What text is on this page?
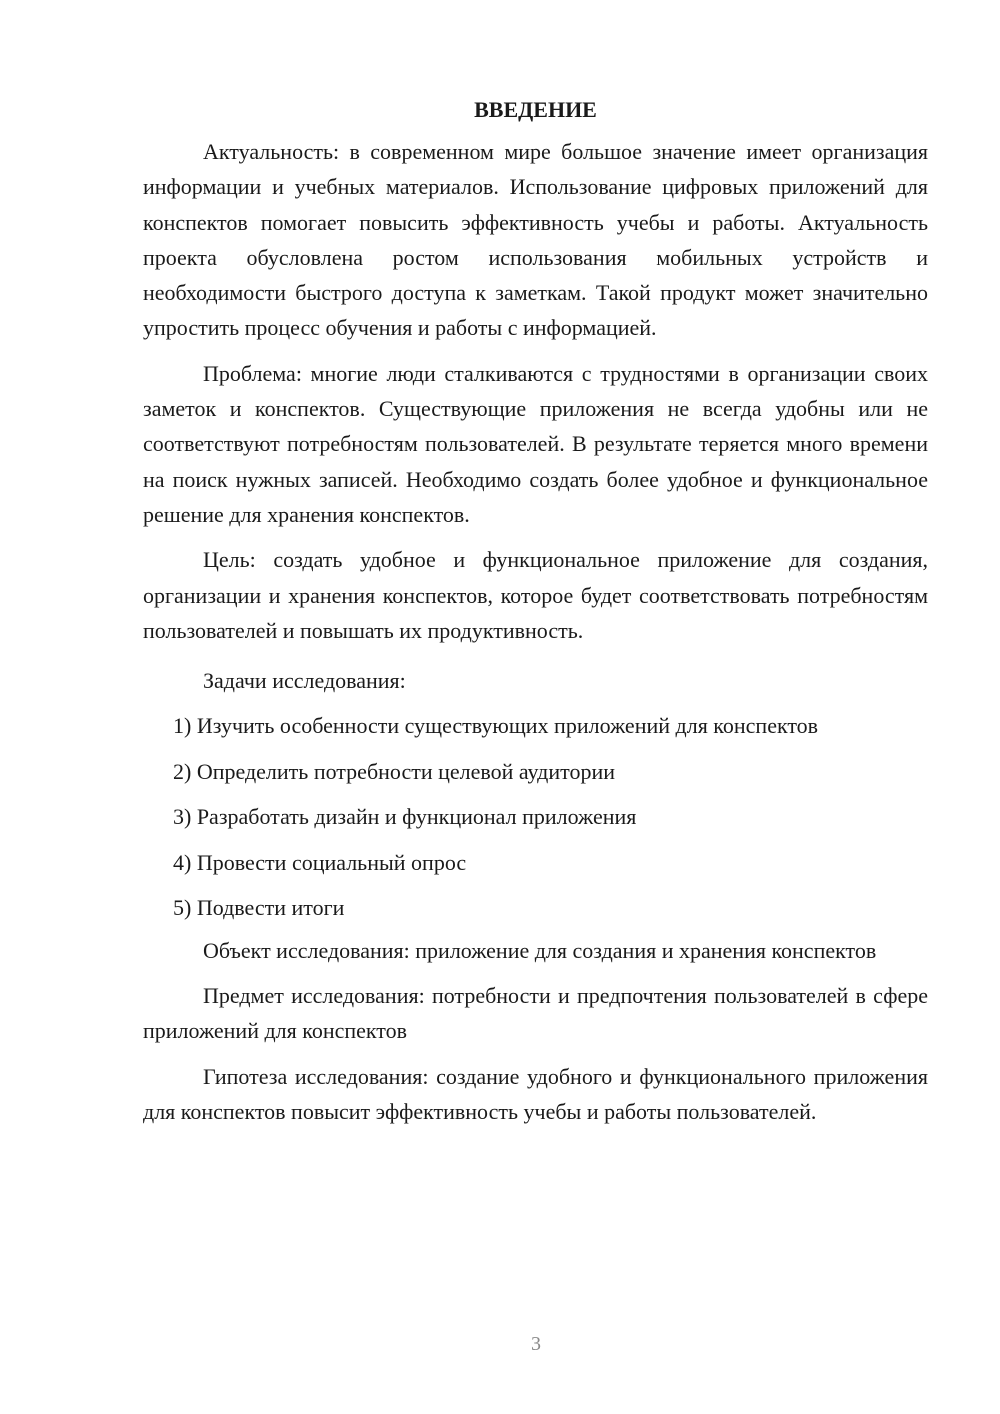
ВВЕДЕНИЕ

Актуальность: в современном мире большое значение имеет организация информации и учебных материалов. Использование цифровых приложений для конспектов помогает повысить эффективность учебы и работы. Актуальность проекта обусловлена ростом использования мобильных устройств и необходимости быстрого доступа к заметкам. Такой продукт может значительно упростить процесс обучения и работы с информацией.

Проблема: многие люди сталкиваются с трудностями в организации своих заметок и конспектов. Существующие приложения не всегда удобны или не соответствуют потребностям пользователей. В результате теряется много времени на поиск нужных записей. Необходимо создать более удобное и функциональное решение для хранения конспектов.

Цель: создать удобное и функциональное приложение для создания, организации и хранения конспектов, которое будет соответствовать потребностям пользователей и повышать их продуктивность.

Задачи исследования:

1) Изучить особенности существующих приложений для конспектов

2) Определить потребности целевой аудитории

3) Разработать дизайн и функционал приложения

4) Провести социальный опрос

5) Подвести итоги

Объект исследования: приложение для создания и хранения конспектов

Предмет исследования: потребности и предпочтения пользователей в сфере приложений для конспектов

Гипотеза исследования: создание удобного и функционального приложения для конспектов повысит эффективность учебы и работы пользователей.

3
